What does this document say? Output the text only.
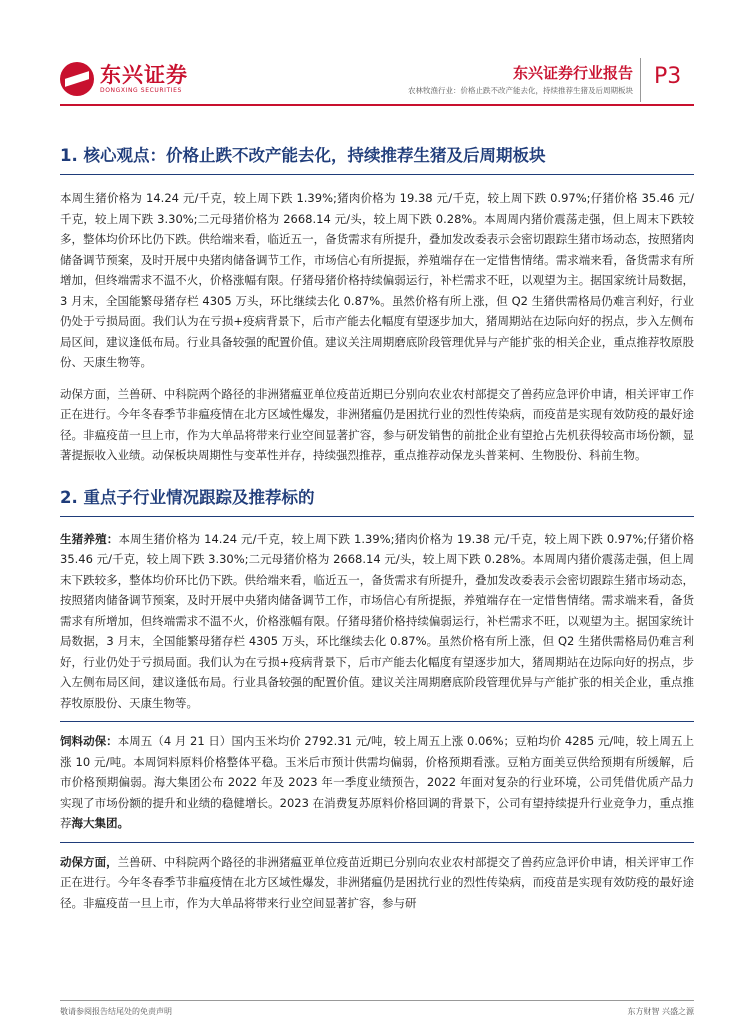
东兴证券
DONGXING SECURITIES
东兴证券行业报告
农林牧渔行业：价格止跌不改产能去化，持续推荐生猪及后周期板块
P3
1. 核心观点：价格止跌不改产能去化，持续推荐生猪及后周期板块

本周生猪价格为 14.24 元/千克，较上周下跌 1.39%;猪肉价格为 19.38 元/千克，较上周下跌 0.97%;仔猪价格 35.46 元/千克，较上周下跌 3.30%;二元母猪价格为 2668.14 元/头，较上周下跌 0.28%。本周周内猪价震荡走强，但上周末下跌较多，整体均价环比仍下跌。供给端来看，临近五一，备货需求有所提升，叠加发改委表示会密切跟踪生猪市场动态，按照猪肉储备调节预案，及时开展中央猪肉储备调节工作，市场信心有所提振，养殖端存在一定惜售情绪。需求端来看，备货需求有所增加，但终端需求不温不火，价格涨幅有限。仔猪母猪价格持续偏弱运行，补栏需求不旺，以观望为主。据国家统计局数据，3 月末，全国能繁母猪存栏 4305 万头，环比继续去化 0.87%。虽然价格有所上涨，但 Q2 生猪供需格局仍难言利好，行业仍处于亏损局面。我们认为在亏损+疫病背景下，后市产能去化幅度有望逐步加大，猪周期站在边际向好的拐点，步入左侧布局区间，建议逢低布局。行业具备较强的配置价值。建议关注周期磨底阶段管理优异与产能扩张的相关企业，重点推荐牧原股份、天康生物等。

动保方面，兰兽研、中科院两个路径的非洲猪瘟亚单位疫苗近期已分别向农业农村部提交了兽药应急评价申请，相关评审工作正在进行。今年冬春季节非瘟疫情在北方区域性爆发，非洲猪瘟仍是困扰行业的烈性传染病，而疫苗是实现有效防疫的最好途径。非瘟疫苗一旦上市，作为大单品将带来行业空间显著扩容，参与研发销售的前批企业有望抢占先机获得较高市场份额，显著提振收入业绩。动保板块周期性与变革性并存，持续强烈推荐，重点推荐动保龙头普莱柯、生物股份、科前生物。

2. 重点子行业情况跟踪及推荐标的

生猪养殖：本周生猪价格为 14.24 元/千克，较上周下跌 1.39%;猪肉价格为 19.38 元/千克，较上周下跌 0.97%;仔猪价格 35.46 元/千克，较上周下跌 3.30%;二元母猪价格为 2668.14 元/头，较上周下跌 0.28%。本周周内猪价震荡走强，但上周末下跌较多，整体均价环比仍下跌。供给端来看，临近五一，备货需求有所提升，叠加发改委表示会密切跟踪生猪市场动态，按照猪肉储备调节预案，及时开展中央猪肉储备调节工作，市场信心有所提振，养殖端存在一定惜售情绪。需求端来看，备货需求有所增加，但终端需求不温不火，价格涨幅有限。仔猪母猪价格持续偏弱运行，补栏需求不旺，以观望为主。据国家统计局数据，3 月末，全国能繁母猪存栏 4305 万头，环比继续去化 0.87%。虽然价格有所上涨，但 Q2 生猪供需格局仍难言利好，行业仍处于亏损局面。我们认为在亏损+疫病背景下，后市产能去化幅度有望逐步加大，猪周期站在边际向好的拐点，步入左侧布局区间，建议逢低布局。行业具备较强的配置价值。建议关注周期磨底阶段管理优异与产能扩张的相关企业，重点推荐牧原股份、天康生物等。

饲料动保：本周五（4 月 21 日）国内玉米均价 2792.31 元/吨，较上周五上涨 0.06%；豆粕均价 4285 元/吨，较上周五上涨 10 元/吨。本周饲料原料价格整体平稳。玉米后市预计供需均偏弱，价格预期看涨。豆粕方面美豆供给预期有所缓解，后市价格预期偏弱。海大集团公布 2022 年及 2023 年一季度业绩预告，2022 年面对复杂的行业环境，公司凭借优质产品力实现了市场份额的提升和业绩的稳健增长。2023 在消费复苏原料价格回调的背景下，公司有望持续提升行业竞争力，重点推荐海大集团。

动保方面，兰兽研、中科院两个路径的非洲猪瘟亚单位疫苗近期已分别向农业农村部提交了兽药应急评价申请，相关评审工作正在进行。今年冬春季节非瘟疫情在北方区域性爆发，非洲猪瘟仍是困扰行业的烈性传染病，而疫苗是实现有效防疫的最好途径。非瘟疫苗一旦上市，作为大单品将带来行业空间显著扩容，参与研

敬请参阅报告结尾处的免责声明	东方财智 兴盛之源
